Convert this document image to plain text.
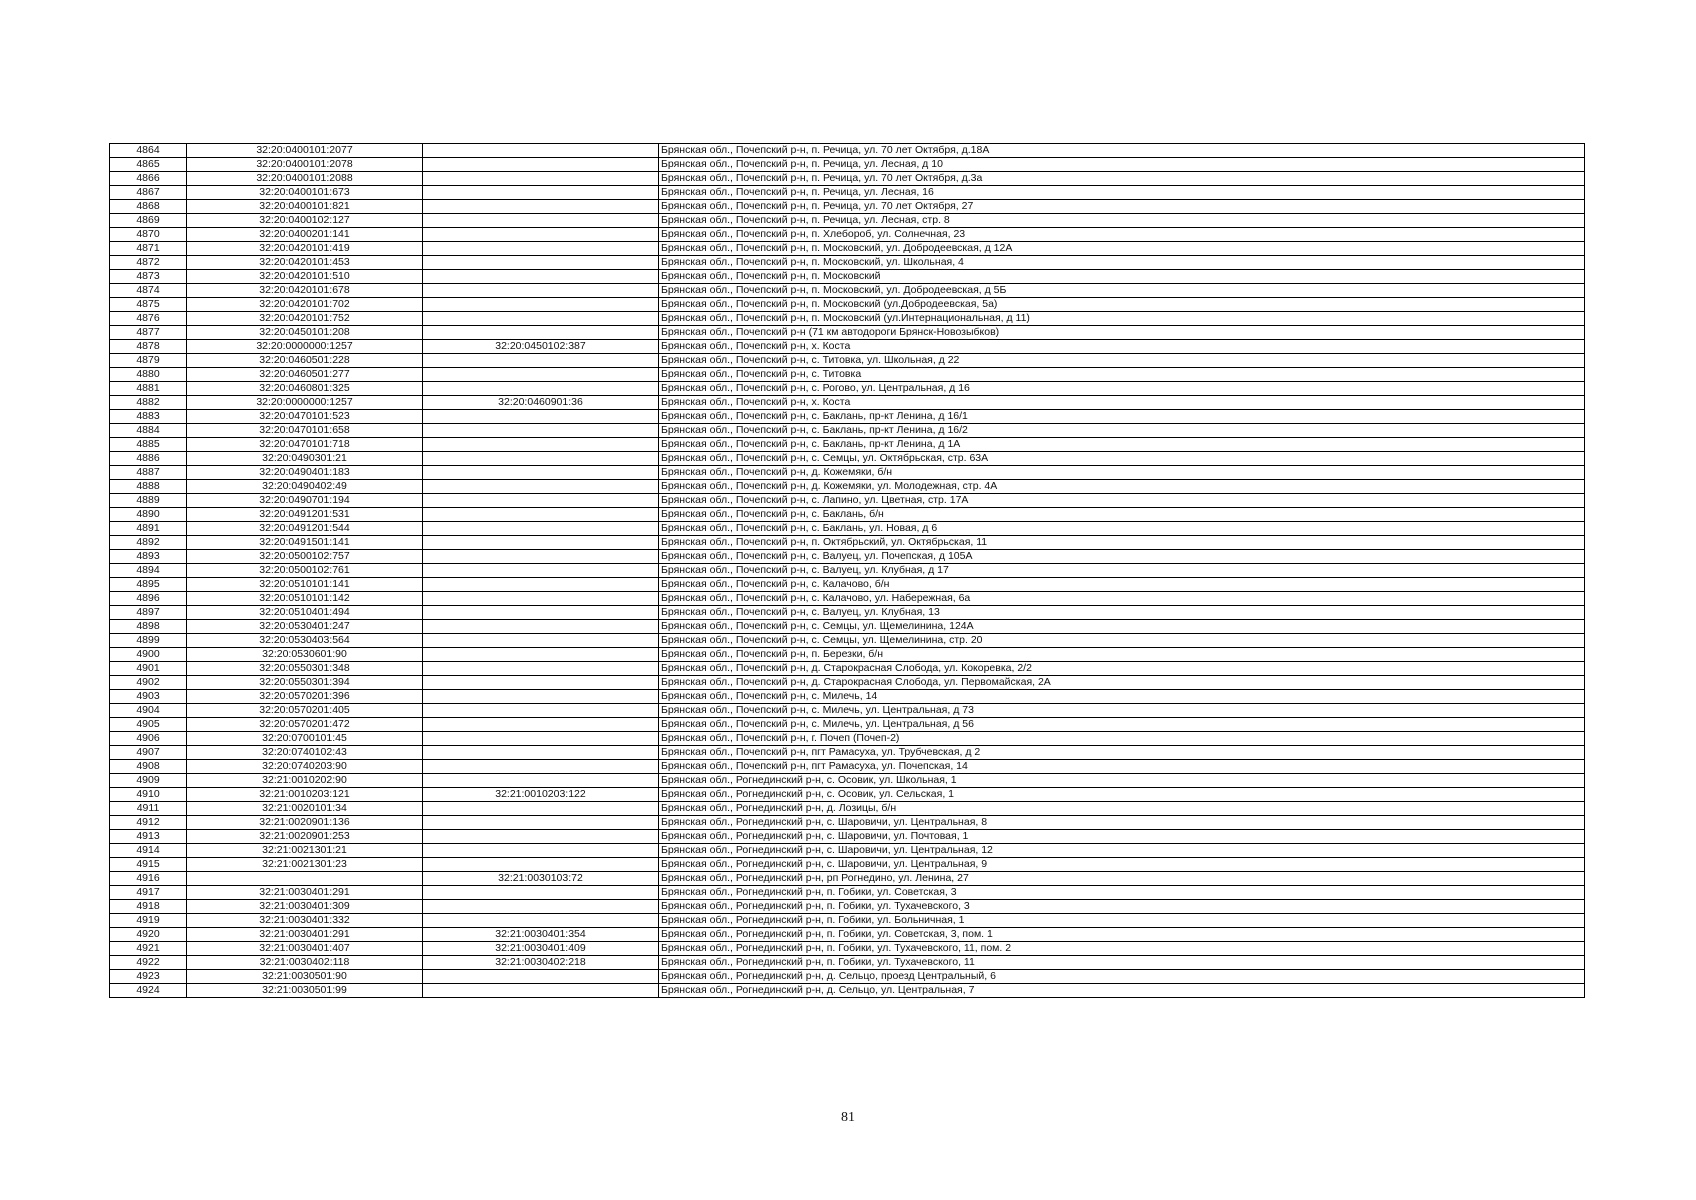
4864	32:20:0400101:2077		Брянская обл., Почепский р-н, п. Речица, ул. 70 лет Октября, д.18А
4865	32:20:0400101:2078		Брянская обл., Почепский р-н, п. Речица, ул. Лесная, д 10
4866	32:20:0400101:2088		Брянская обл., Почепский р-н, п. Речица, ул. 70 лет Октября, д.3а
4867	32:20:0400101:673		Брянская обл., Почепский р-н, п. Речица, ул. Лесная, 16
4868	32:20:0400101:821		Брянская обл., Почепский р-н, п. Речица, ул. 70 лет Октября, 27
4869	32:20:0400102:127		Брянская обл., Почепский р-н, п. Речица, ул. Лесная, стр. 8
4870	32:20:0400201:141		Брянская обл., Почепский р-н, п. Хлебороб, ул. Солнечная, 23
4871	32:20:0420101:419		Брянская обл., Почепский р-н, п. Московский, ул. Добродеевская, д 12А
4872	32:20:0420101:453		Брянская обл., Почепский р-н, п. Московский, ул. Школьная, 4
4873	32:20:0420101:510		Брянская обл., Почепский р-н, п. Московский
4874	32:20:0420101:678		Брянская обл., Почепский р-н, п. Московский, ул. Добродеевская, д 5Б
4875	32:20:0420101:702		Брянская обл., Почепский р-н, п. Московский (ул.Добродеевская, 5а)
4876	32:20:0420101:752		Брянская обл., Почепский р-н, п. Московский (ул.Интернациональная, д 11)
4877	32:20:0450101:208		Брянская обл., Почепский р-н (71 км автодороги Брянск-Новозыбков)
4878	32:20:0000000:1257	32:20:0450102:387	Брянская обл., Почепский р-н, х. Коста
4879	32:20:0460501:228		Брянская обл., Почепский р-н, с. Титовка, ул. Школьная, д 22
4880	32:20:0460501:277		Брянская обл., Почепский р-н, с. Титовка
4881	32:20:0460801:325		Брянская обл., Почепский р-н, с. Рогово, ул. Центральная, д 16
4882	32:20:0000000:1257	32:20:0460901:36	Брянская обл., Почепский р-н, х. Коста
4883	32:20:0470101:523		Брянская обл., Почепский р-н, с. Баклань, пр-кт Ленина, д 16/1
4884	32:20:0470101:658		Брянская обл., Почепский р-н, с. Баклань, пр-кт Ленина, д 16/2
4885	32:20:0470101:718		Брянская обл., Почепский р-н, с. Баклань, пр-кт Ленина, д 1А
4886	32:20:0490301:21		Брянская обл., Почепский р-н, с. Семцы, ул. Октябрьская, стр. 63А
4887	32:20:0490401:183		Брянская обл., Почепский р-н, д. Кожемяки, б/н
4888	32:20:0490402:49		Брянская обл., Почепский р-н, д. Кожемяки, ул. Молодежная, стр. 4А
4889	32:20:0490701:194		Брянская обл., Почепский р-н, с. Лапино, ул. Цветная, стр. 17А
4890	32:20:0491201:531		Брянская обл., Почепский р-н, с. Баклань, б/н
4891	32:20:0491201:544		Брянская обл., Почепский р-н, с. Баклань, ул. Новая, д 6
4892	32:20:0491501:141		Брянская обл., Почепский р-н, п. Октябрьский, ул. Октябрьская, 11
4893	32:20:0500102:757		Брянская обл., Почепский р-н, с. Валуец, ул. Почепская, д 105А
4894	32:20:0500102:761		Брянская обл., Почепский р-н, с. Валуец, ул. Клубная, д 17
4895	32:20:0510101:141		Брянская обл., Почепский р-н, с. Калачово, б/н
4896	32:20:0510101:142		Брянская обл., Почепский р-н, с. Калачово, ул. Набережная, 6а
4897	32:20:0510401:494		Брянская обл., Почепский р-н, с. Валуец, ул. Клубная, 13
4898	32:20:0530401:247		Брянская обл., Почепский р-н, с. Семцы, ул. Щемелинина, 124А
4899	32:20:0530403:564		Брянская обл., Почепский р-н, с. Семцы, ул. Щемелинина, стр. 20
4900	32:20:0530601:90		Брянская обл., Почепский р-н, п. Березки, б/н
4901	32:20:0550301:348		Брянская обл., Почепский р-н, д. Старокрасная Слобода, ул. Кокоревка, 2/2
4902	32:20:0550301:394		Брянская обл., Почепский р-н, д. Старокрасная Слобода, ул. Первомайская, 2А
4903	32:20:0570201:396		Брянская обл., Почепский р-н, с. Милечь, 14
4904	32:20:0570201:405		Брянская обл., Почепский р-н, с. Милечь, ул. Центральная, д 73
4905	32:20:0570201:472		Брянская обл., Почепский р-н, с. Милечь, ул. Центральная, д 56
4906	32:20:0700101:45		Брянская обл., Почепский р-н, г. Почеп (Почеп-2)
4907	32:20:0740102:43		Брянская обл., Почепский р-н, пгт Рамасуха, ул. Трубчевская, д 2
4908	32:20:0740203:90		Брянская обл., Почепский р-н, пгт Рамасуха, ул. Почепская, 14
4909	32:21:0010202:90		Брянская обл., Рогнединский р-н, с. Осовик, ул. Школьная, 1
4910	32:21:0010203:121	32:21:0010203:122	Брянская обл., Рогнединский р-н, с. Осовик, ул. Сельская, 1
4911	32:21:0020101:34		Брянская обл., Рогнединский р-н, д. Лозицы, б/н
4912	32:21:0020901:136		Брянская обл., Рогнединский р-н, с. Шаровичи, ул. Центральная, 8
4913	32:21:0020901:253		Брянская обл., Рогнединский р-н, с. Шаровичи, ул. Почтовая, 1
4914	32:21:0021301:21		Брянская обл., Рогнединский р-н, с. Шаровичи, ул. Центральная, 12
4915	32:21:0021301:23		Брянская обл., Рогнединский р-н, с. Шаровичи, ул. Центральная, 9
4916		32:21:0030103:72	Брянская обл., Рогнединский р-н, рп Рогнедино, ул. Ленина, 27
4917	32:21:0030401:291		Брянская обл., Рогнединский р-н, п. Гобики, ул. Советская, 3
4918	32:21:0030401:309		Брянская обл., Рогнединский р-н, п. Гобики, ул. Тухачевского, 3
4919	32:21:0030401:332		Брянская обл., Рогнединский р-н, п. Гобики, ул. Больничная, 1
4920	32:21:0030401:291	32:21:0030401:354	Брянская обл., Рогнединский р-н, п. Гобики, ул. Советская, 3, пом. 1
4921	32:21:0030401:407	32:21:0030401:409	Брянская обл., Рогнединский р-н, п. Гобики, ул. Тухачевского, 11, пом. 2
4922	32:21:0030402:118	32:21:0030402:218	Брянская обл., Рогнединский р-н, п. Гобики, ул. Тухачевского, 11
4923	32:21:0030501:90		Брянская обл., Рогнединский р-н, д. Сельцо, проезд Центральный, 6
4924	32:21:0030501:99		Брянская обл., Рогнединский р-н, д. Сельцо, ул. Центральная, 7
81
